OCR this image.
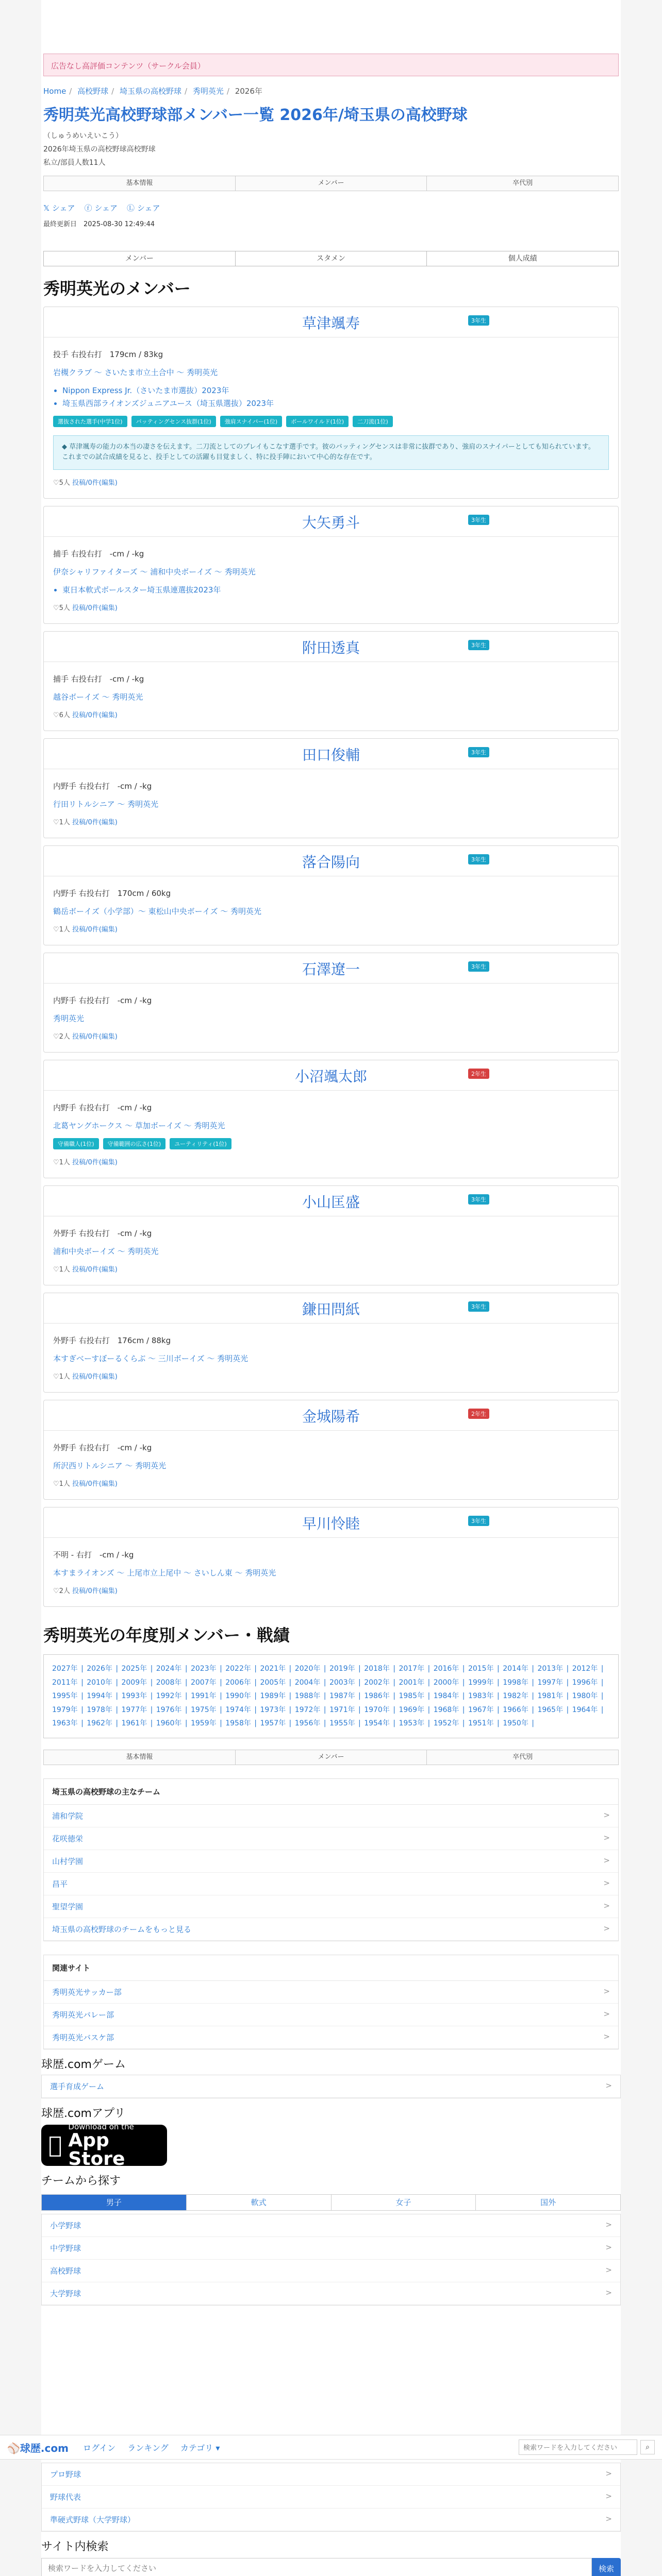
広告なし高評価コンテンツ（サークル会員）
Home / 高校野球 / 埼玉県の高校野球 / 秀明英光 / 2026年
秀明英光高校野球部メンバー一覧 2026年/埼玉県の高校野球
（しゅうめいえいこう）
2026年埼玉県の高校野球高校野球
私立/部員人数11人
基本情報	メンバー	卒代別
𝕏 シェア ⓕ シェア Ⓛ シェア
最終更新日　2025-08-30 12:49:44
メンバー	スタメン	個人成績
秀明英光のメンバー
草津颯寿	3年生
投手 右投右打　179cm / 83kg
岩槻クラブ 〜 さいたま市立土合中 〜 秀明英光
• Nippon Express Jr.（さいたま市選抜）2023年
• 埼玉県西部ライオンズジュニアユース（埼玉県選抜）2023年
選抜された選手(中学1位)	バッティングセンス抜群(1位)	強肩スナイパー(1位)	ボールワイルド(1位)	二刀流(1位)
◆ 草津颯寿の能力の本当の凄さを伝えます。二刀流としてのプレイもこなす選手です。彼のバッティングセンスは非常に抜群であり、強肩のスナイパーとしても知られています。これまでの試合成績を見ると、投手としての活躍も目覚ましく、特に投手陣において中心的な存在です。
♡5人 投稿/0件(編集)
大矢勇斗	3年生
捕手 右投右打　-cm / -kg
伊奈シャリファイターズ 〜 浦和中央ボーイズ 〜 秀明英光
• 東日本軟式ボールスター埼玉県連選抜2023年
♡5人 投稿/0件(編集)
附田透真	3年生
捕手 右投右打　-cm / -kg
越谷ボーイズ 〜 秀明英光
♡6人 投稿/0件(編集)
田口俊輔	3年生
内野手 右投右打　-cm / -kg
行田リトルシニア 〜 秀明英光
♡1人 投稿/0件(編集)
落合陽向	3年生
内野手 右投右打　170cm / 60kg
鶴岳ボーイズ（小学部）〜 東松山中央ボーイズ 〜 秀明英光
♡1人 投稿/0件(編集)
石澤遼一	3年生
内野手 右投右打　-cm / -kg
秀明英光
♡2人 投稿/0件(編集)
小沼颯太郎	2年生
内野手 右投右打　-cm / -kg
北葛ヤングホークス 〜 草加ボーイズ 〜 秀明英光
守備職人(1位)	守備範囲の広さ(1位)	ユーティリティ(1位)
♡1人 投稿/0件(編集)
小山匡盛	3年生
外野手 右投右打　-cm / -kg
浦和中央ボーイズ 〜 秀明英光
♡1人 投稿/0件(編集)
鎌田問紙	3年生
外野手 右投右打　176cm / 88kg
本すぎべーすぼーるくらぶ 〜 三川ボーイズ 〜 秀明英光
♡1人 投稿/0件(編集)
金城陽希	2年生
外野手 右投右打　-cm / -kg
所沢西リトルシニア 〜 秀明英光
♡1人 投稿/0件(編集)
早川怜睦	3年生
不明 - 右打　-cm / -kg
本すまライオンズ 〜 上尾市立上尾中 〜 さいしん東 〜 秀明英光
♡2人 投稿/0件(編集)
秀明英光の年度別メンバー・戦績
2027年 | 2026年 | 2025年 | 2024年 | 2023年 | 2022年 | 2021年 | 2020年 | 2019年 | 2018年 | 2017年 | 2016年 | 2015年 | 2014年 | 2013年 | 2012年 | 2011年 | 2010年 | 2009年 | 2008年 | 2007年 | 2006年 | 2005年 | 2004年 | 2003年 | 2002年 | 2001年 | 2000年 | 1999年 | 1998年 | 1997年 | 1996年 | 1995年 | 1994年 | 1993年 | 1992年 | 1991年 | 1990年 | 1989年 | 1988年 | 1987年 | 1986年 | 1985年 | 1984年 | 1983年 | 1982年 | 1981年 | 1980年 | 1979年 | 1978年 | 1977年 | 1976年 | 1975年 | 1974年 | 1973年 | 1972年 | 1971年 | 1970年 | 1969年 | 1968年 | 1967年 | 1966年 | 1965年 | 1964年 | 1963年 | 1962年 | 1961年 | 1960年 | 1959年 | 1958年 | 1957年 | 1956年 | 1955年 | 1954年 | 1953年 | 1952年 | 1951年 | 1950年 |
基本情報	メンバー	卒代別
埼玉県の高校野球の主なチーム
浦和学院	>
花咲徳栄	>
山村学園	>
昌平	>
聖望学園	>
埼玉県の高校野球のチームをもっと見る	>
関連サイト
秀明英光サッカー部	>
秀明英光バレー部	>
秀明英光バスケ部	>
球歴.comゲーム
選手育成ゲーム	>
球歴.comアプリ
Download on the
App Store
チームから探す
男子	軟式	女子	国外
小学野球	>
中学野球	>
高校野球	>
大学野球	>
プロ野球	>
野球代表	>
準硬式野球（大学野球）	>
サイト内検索
検索ワードを入力してください
検索
⚾球歴.com ログイン ランキング カテゴリ ▾
検索ワードを入力してください	⌕
